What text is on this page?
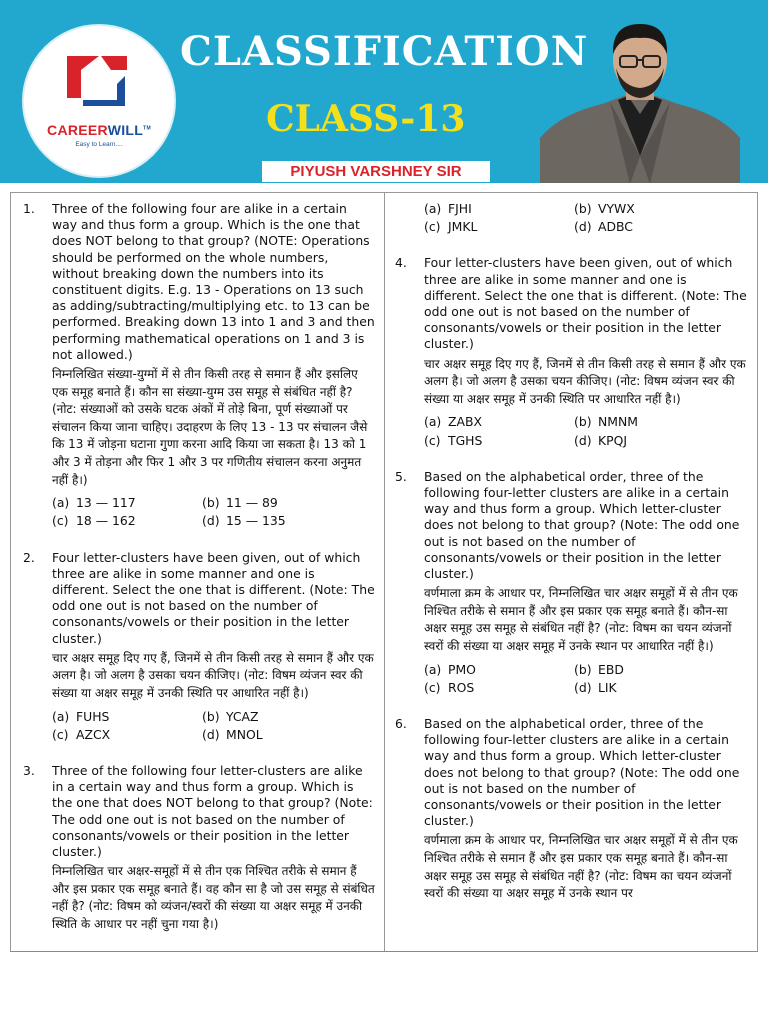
CAREERWILL™
Easy to Learn....
CLASSIFICATION
CLASS-13
PIYUSH VARSHNEY SIR
1. Three of the following four are alike in a certain way and thus form a group. Which is the one that does NOT belong to that group? (NOTE: Operations should be performed on the whole numbers, without breaking down the numbers into its constituent digits. E.g. 13 - Operations on 13 such as adding/subtracting/multiplying etc. to 13 can be performed. Breaking down 13 into 1 and 3 and then performing mathematical operations on 1 and 3 is not allowed.)

निम्नलिखित संख्या-युग्मों में से तीन किसी तरह से समान हैं और इसलिए एक समूह बनाते हैं। कौन सा संख्या-युग्म उस समूह से संबंधित नहीं है? (नोट: संख्याओं को उसके घटक अंकों में तोड़े बिना, पूर्ण संख्याओं पर संचालन किया जाना चाहिए। उदाहरण के लिए 13 - 13 पर संचालन जैसे कि 13 में जोड़ना घटाना गुणा करना आदि किया जा सकता है। 13 को 1 और 3 में तोड़ना और फिर 1 और 3 पर गणितीय संचालन करना अनुमत नहीं है।)

(a) 13 — 117	(b) 11 — 89
(c) 18 — 162	(d) 15 — 135
2. Four letter-clusters have been given, out of which three are alike in some manner and one is different. Select the one that is different. (Note: The odd one out is not based on the number of consonants/vowels or their position in the letter cluster.)

चार अक्षर समूह दिए गए हैं, जिनमें से तीन किसी तरह से समान हैं और एक अलग है। जो अलग है उसका चयन कीजिए। (नोट: विषम व्यंजन स्वर की संख्या या अक्षर समूह में उनकी स्थिति पर आधारित नहीं है।)

(a) FUHS	(b) YCAZ
(c) AZCX	(d) MNOL
3. Three of the following four letter-clusters are alike in a certain way and thus form a group. Which is the one that does NOT belong to that group? (Note: The odd one out is not based on the number of consonants/vowels or their position in the letter cluster.)

निम्नलिखित चार अक्षर-समूहों में से तीन एक निश्चित तरीके से समान हैं और इस प्रकार एक समूह बनाते हैं। वह कौन सा है जो उस समूह से संबंधित नहीं है? (नोट: विषम को व्यंजन/स्वरों की संख्या या अक्षर समूह में उनकी स्थिति के आधार पर नहीं चुना गया है।)

(a) FJHI	(b) VYWX
(c) JMKL	(d) ADBC
4. Four letter-clusters have been given, out of which three are alike in some manner and one is different. Select the one that is different. (Note: The odd one out is not based on the number of consonants/vowels or their position in the letter cluster.)

चार अक्षर समूह दिए गए हैं, जिनमें से तीन किसी तरह से समान हैं और एक अलग है। जो अलग है उसका चयन कीजिए। (नोट: विषम व्यंजन स्वर की संख्या या अक्षर समूह में उनकी स्थिति पर आधारित नहीं है।)

(a) ZABX	(b) NMNM
(c) TGHS	(d) KPQJ
5. Based on the alphabetical order, three of the following four-letter clusters are alike in a certain way and thus form a group. Which letter-cluster does not belong to that group? (Note: The odd one out is not based on the number of consonants/vowels or their position in the letter cluster.)

वर्णमाला क्रम के आधार पर, निम्नलिखित चार अक्षर समूहों में से तीन एक निश्चित तरीके से समान हैं और इस प्रकार एक समूह बनाते हैं। कौन-सा अक्षर समूह उस समूह से संबंधित नहीं है? (नोट: विषम का चयन व्यंजनों स्वरों की संख्या या अक्षर समूह में उनके स्थान पर आधारित नहीं है।)

(a) PMO	(b) EBD
(c) ROS	(d) LIK
6. Based on the alphabetical order, three of the following four-letter clusters are alike in a certain way and thus form a group. Which letter-cluster does not belong to that group? (Note: The odd one out is not based on the number of consonants/vowels or their position in the letter cluster.)

वर्णमाला क्रम के आधार पर, निम्नलिखित चार अक्षर समूहों में से तीन एक निश्चित तरीके से समान हैं और इस प्रकार एक समूह बनाते हैं। कौन-सा अक्षर समूह उस समूह से संबंधित नहीं है? (नोट: विषम का चयन व्यंजनों स्वरों की संख्या या अक्षर समूह में उनके स्थान पर
